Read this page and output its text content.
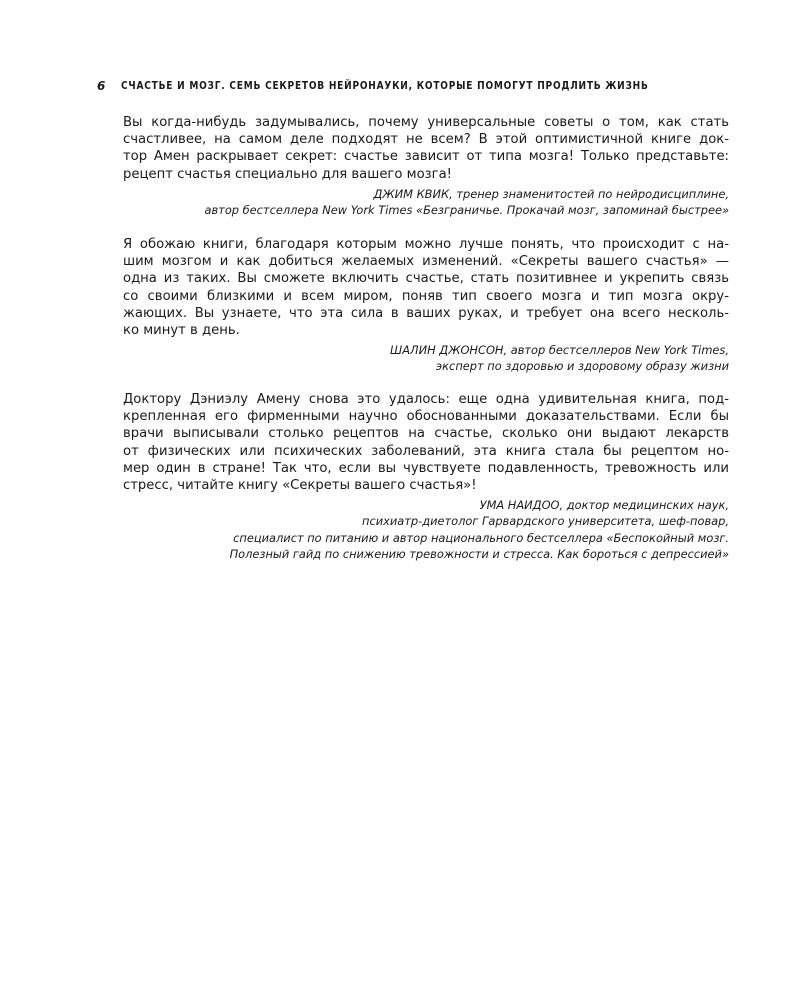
6	СЧАСТЬЕ И МОЗГ. СЕМЬ СЕКРЕТОВ НЕЙРОНАУКИ, КОТОРЫЕ ПОМОГУТ ПРОДЛИТЬ ЖИЗНЬ

Вы когда-нибудь задумывались, почему универсальные советы о том, как стать
счастливее, на самом деле подходят не всем? В этой оптимистичной книге док-
тор Амен раскрывает секрет: счастье зависит от типа мозга! Только представьте:
рецепт счастья специально для вашего мозга!

ДЖИМ КВИК, тренер знаменитостей по нейродисциплине,
автор бестселлера New York Times «Безграничье. Прокачай мозг, запоминай быстрее»

Я обожаю книги, благодаря которым можно лучше понять, что происходит с на-
шим мозгом и как добиться желаемых изменений. «Секреты вашего счастья» —
одна из таких. Вы сможете включить счастье, стать позитивнее и укрепить связь
со своими близкими и всем миром, поняв тип своего мозга и тип мозга окру-
жающих. Вы узнаете, что эта сила в ваших руках, и требует она всего несколь-
ко минут в день.

ШАЛИН ДЖОНСОН, автор бестселлеров New York Times,
эксперт по здоровью и здоровому образу жизни

Доктору Дэниэлу Амену снова это удалось: еще одна удивительная книга, под-
крепленная его фирменными научно обоснованными доказательствами. Если бы
врачи выписывали столько рецептов на счастье, сколько они выдают лекарств
от физических или психических заболеваний, эта книга стала бы рецептом но-
мер один в стране! Так что, если вы чувствуете подавленность, тревожность или
стресс, читайте книгу «Секреты вашего счастья»!

УМА НАИДОО, доктор медицинских наук,
психиатр-диетолог Гарвардского университета, шеф-повар,
специалист по питанию и автор национального бестселлера «Беспокойный мозг.
Полезный гайд по снижению тревожности и стресса. Как бороться с депрессией»
